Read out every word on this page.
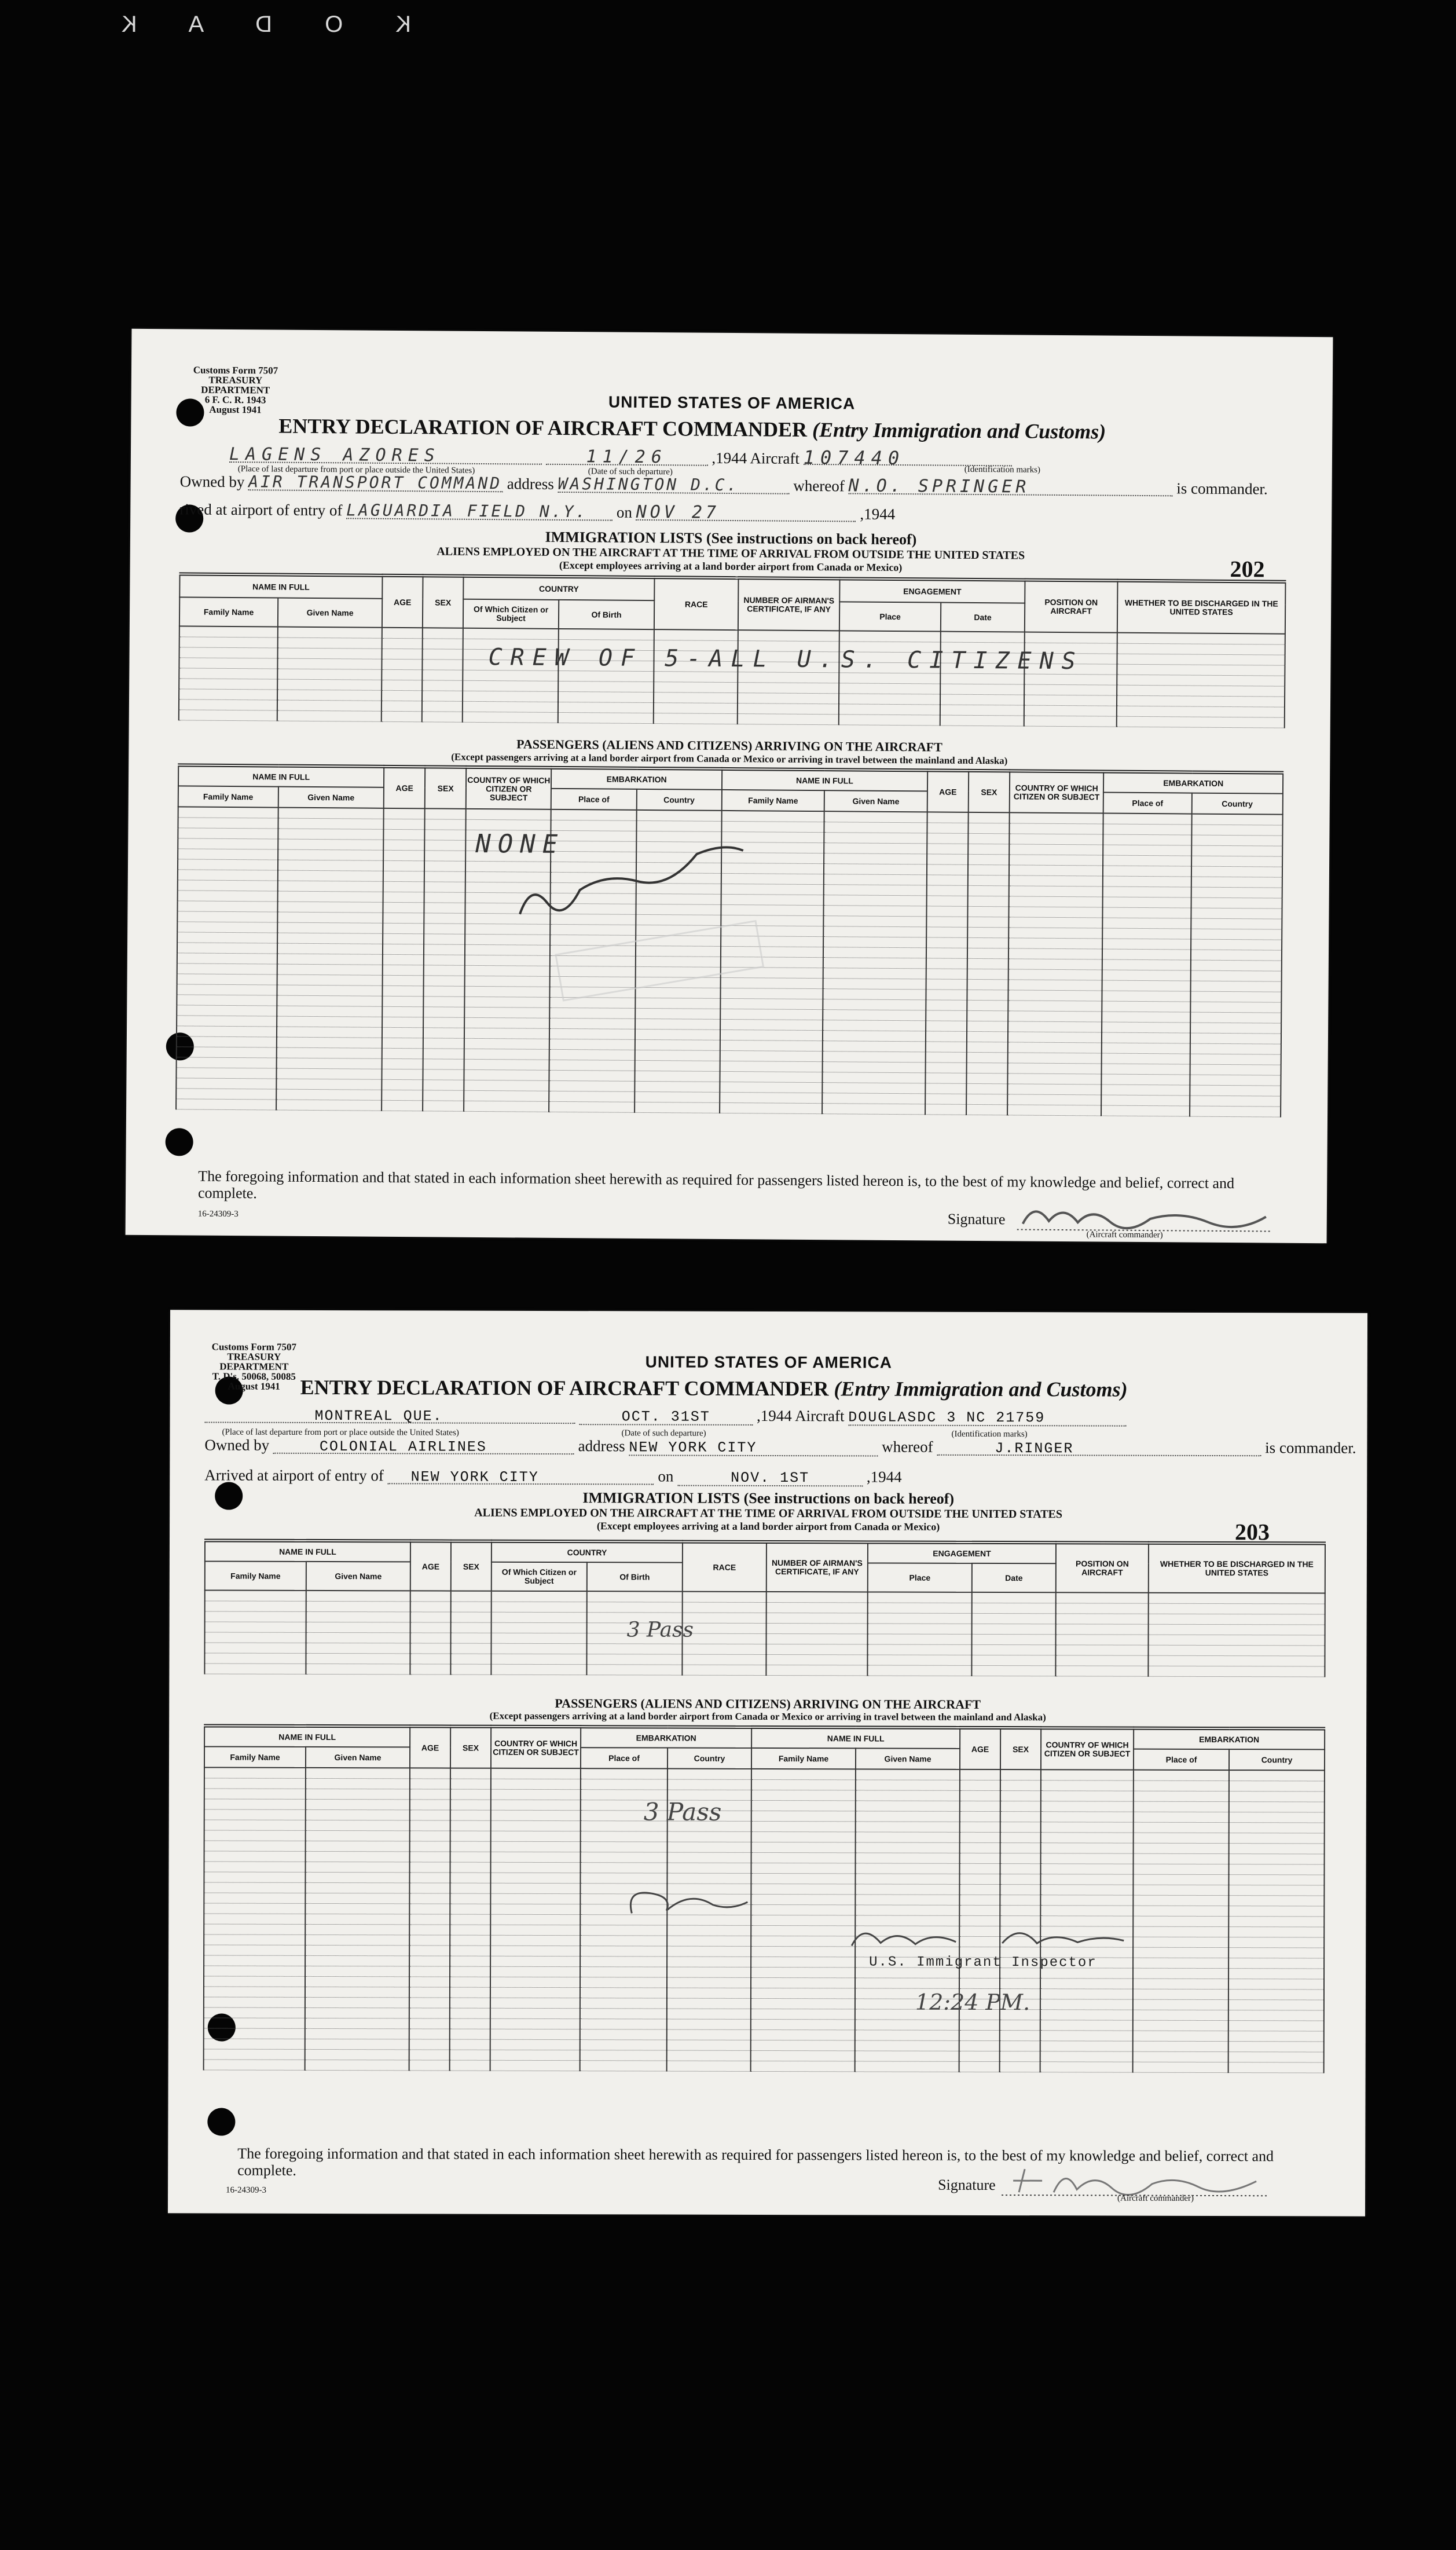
K O D A K
Customs Form 7507
TREASURY DEPARTMENT
6 F. C. R. 1943
August 1941	UNITED STATES OF AMERICA
ENTRY DECLARATION OF AIRCRAFT COMMANDER (Entry Immigration and Customs)
LAGENS AZORES	11/26	,1944 Aircraft 107440
(Place of last departure from port or place outside the United States)	(Date of such departure)	(Identification marks)
Owned by AIR TRANSPORT COMMAND address WASHINGTON D.C.	whereof N.O. SPRINGER	is commander.
rived at airport of entry of LAGUARDIA FIELD N.Y. on NOV 27	,1944
IMMIGRATION LISTS (See instructions on back hereof)
ALIENS EMPLOYED ON THE AIRCRAFT AT THE TIME OF ARRIVAL FROM OUTSIDE THE UNITED STATES
(Except employees arriving at a land border airport from Canada or Mexico)	202
NAME IN FULL		AGE	SEX	COUNTRY		RACE	NUMBER OF AIRMAN'S CERTIFICATE, IF ANY	ENGAGEMENT		POSITION ON AIRCRAFT	WHETHER TO BE DISCHARGED IN THE UNITED STATES
Family Name	Given Name			Of Which Citizen or Subject	Of Birth			Place	Date		

CREW OF 5-ALL U.S. CITIZENS
PASSENGERS (ALIENS AND CITIZENS) ARRIVING ON THE AIRCRAFT
(Except passengers arriving at a land border airport from Canada or Mexico or arriving in travel between the mainland and Alaska)
NAME IN FULL		AGE	SEX	COUNTRY OF WHICH CITIZEN OR SUBJECT	EMBARKATION		NAME IN FULL		AGE	SEX	COUNTRY OF WHICH CITIZEN OR SUBJECT	EMBARKATION	
Family Name	Given Name				Place of	Country	Family Name	Given Name				Place of	Country

NONE
The foregoing information and that stated in each information sheet herewith as required for passengers listed hereon is, to the best of my knowledge and belief, correct and complete.
16-24309-3	Signature
(Aircraft commander)
Customs Form 7507
TREASURY DEPARTMENT
T. D's. 50068, 50085
August 1941
UNITED STATES OF AMERICA
ENTRY DECLARATION OF AIRCRAFT COMMANDER (Entry Immigration and Customs)
MONTREAL QUE.	OCT. 31ST	,1944 Aircraft DOUGLASDC 3 NC 21759
(Place of last departure from port or place outside the United States)	(Date of such departure)	(Identification marks)
Owned by	COLONIAL AIRLINES	address NEW YORK CITY	whereof	J.RINGER	is commander.
Arrived at airport of entry of NEW YORK CITY	on	NOV. 1ST	,1944
IMMIGRATION LISTS (See instructions on back hereof)
ALIENS EMPLOYED ON THE AIRCRAFT AT THE TIME OF ARRIVAL FROM OUTSIDE THE UNITED STATES
(Except employees arriving at a land border airport from Canada or Mexico)	203
NAME IN FULL		AGE	SEX	COUNTRY		RACE	NUMBER OF AIRMAN'S CERTIFICATE, IF ANY	ENGAGEMENT		POSITION ON AIRCRAFT	WHETHER TO BE DISCHARGED IN THE UNITED STATES
Family Name	Given Name			Of Which Citizen or Subject	Of Birth			Place	Date		

3 Pass
PASSENGERS (ALIENS AND CITIZENS) ARRIVING ON THE AIRCRAFT
(Except passengers arriving at a land border airport from Canada or Mexico or arriving in travel between the mainland and Alaska)
NAME IN FULL		AGE	SEX	COUNTRY OF WHICH CITIZEN OR SUBJECT	EMBARKATION		NAME IN FULL		AGE	SEX	COUNTRY OF WHICH CITIZEN OR SUBJECT	EMBARKATION	
Family Name	Given Name				Place of	Country	Family Name	Given Name				Place of	Country

3 Pass
U.S. Immigrant Inspector
12:24 PM.
The foregoing information and that stated in each information sheet herewith as required for passengers listed hereon is, to the best of my knowledge and belief, correct and complete.
16-24309-3	Signature
(Aircraft commander)
